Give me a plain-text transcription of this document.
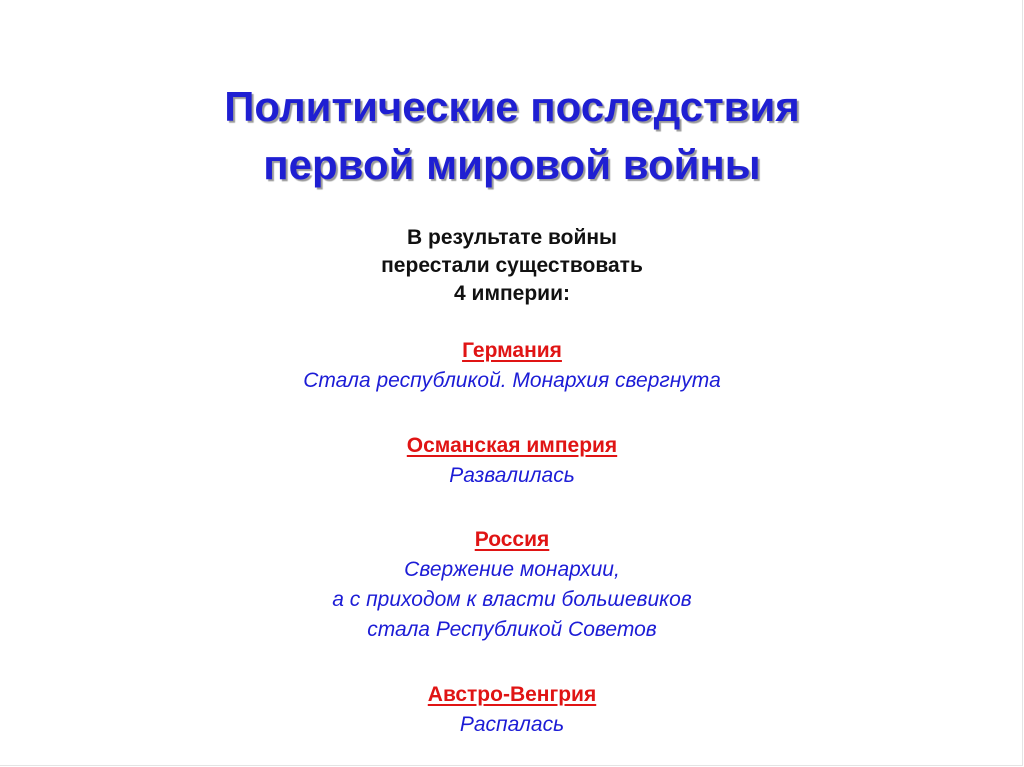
Политические последствия
первой мировой войны
В результате войны
перестали существовать
4 империи:
Германия
Стала республикой. Монархия свергнута
Османская империя
Развалилась
Россия
Свержение монархии,
а с приходом к власти большевиков
стала Республикой Советов
Австро-Венгрия
Распалась
